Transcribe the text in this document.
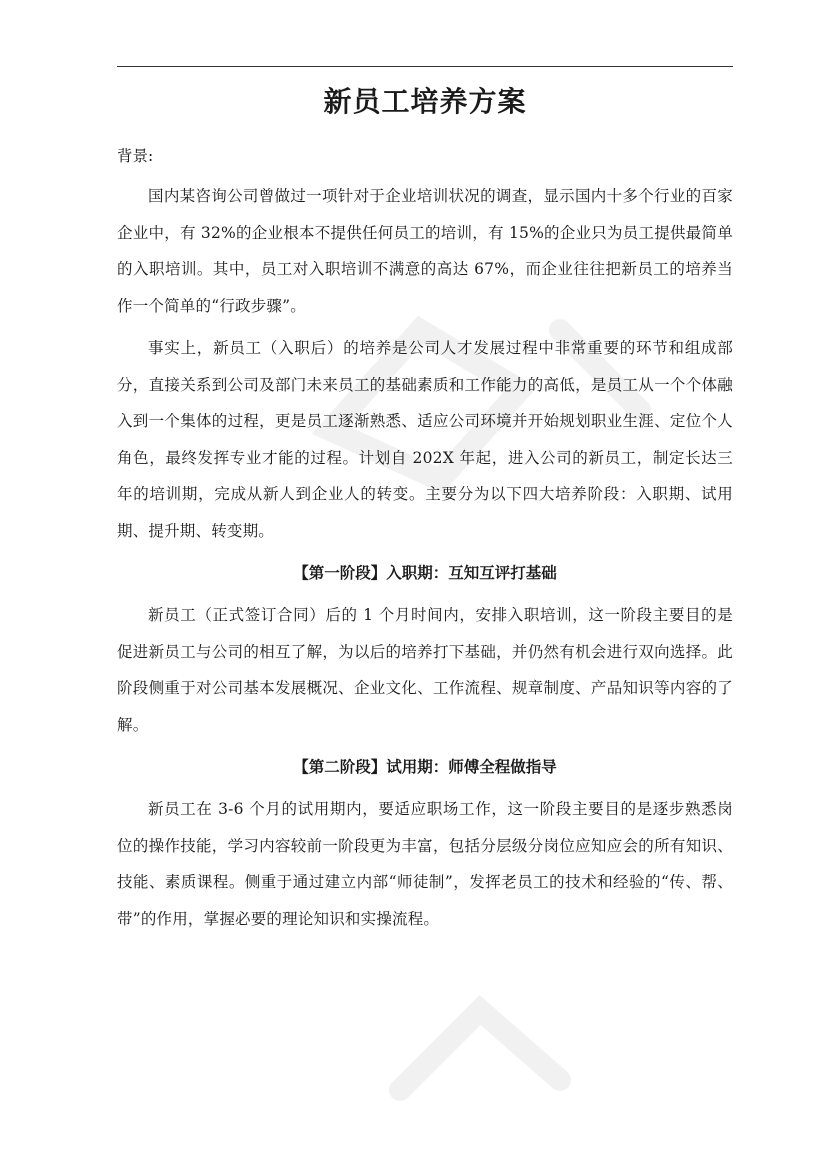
新员工培养方案

背景:

国内某咨询公司曾做过一项针对于企业培训状况的调查，显示国内十多个行业的百家企业中，有 32%的企业根本不提供任何员工的培训，有 15%的企业只为员工提供最简单的入职培训。其中，员工对入职培训不满意的高达 67%，而企业往往把新员工的培养当作一个简单的“行政步骤”。

事实上，新员工（入职后）的培养是公司人才发展过程中非常重要的环节和组成部分，直接关系到公司及部门未来员工的基础素质和工作能力的高低，是员工从一个个体融入到一个集体的过程，更是员工逐渐熟悉、适应公司环境并开始规划职业生涯、定位个人角色，最终发挥专业才能的过程。计划自 202X 年起，进入公司的新员工，制定长达三年的培训期，完成从新人到企业人的转变。主要分为以下四大培养阶段：入职期、试用期、提升期、转变期。

【第一阶段】入职期：互知互评打基础

新员工（正式签订合同）后的 1 个月时间内，安排入职培训，这一阶段主要目的是促进新员工与公司的相互了解，为以后的培养打下基础，并仍然有机会进行双向选择。此阶段侧重于对公司基本发展概况、企业文化、工作流程、规章制度、产品知识等内容的了解。

【第二阶段】试用期：师傅全程做指导

新员工在 3-6 个月的试用期内，要适应职场工作，这一阶段主要目的是逐步熟悉岗位的操作技能，学习内容较前一阶段更为丰富，包括分层级分岗位应知应会的所有知识、技能、素质课程。侧重于通过建立内部“师徒制”，发挥老员工的技术和经验的“传、帮、带”的作用，掌握必要的理论知识和实操流程。
